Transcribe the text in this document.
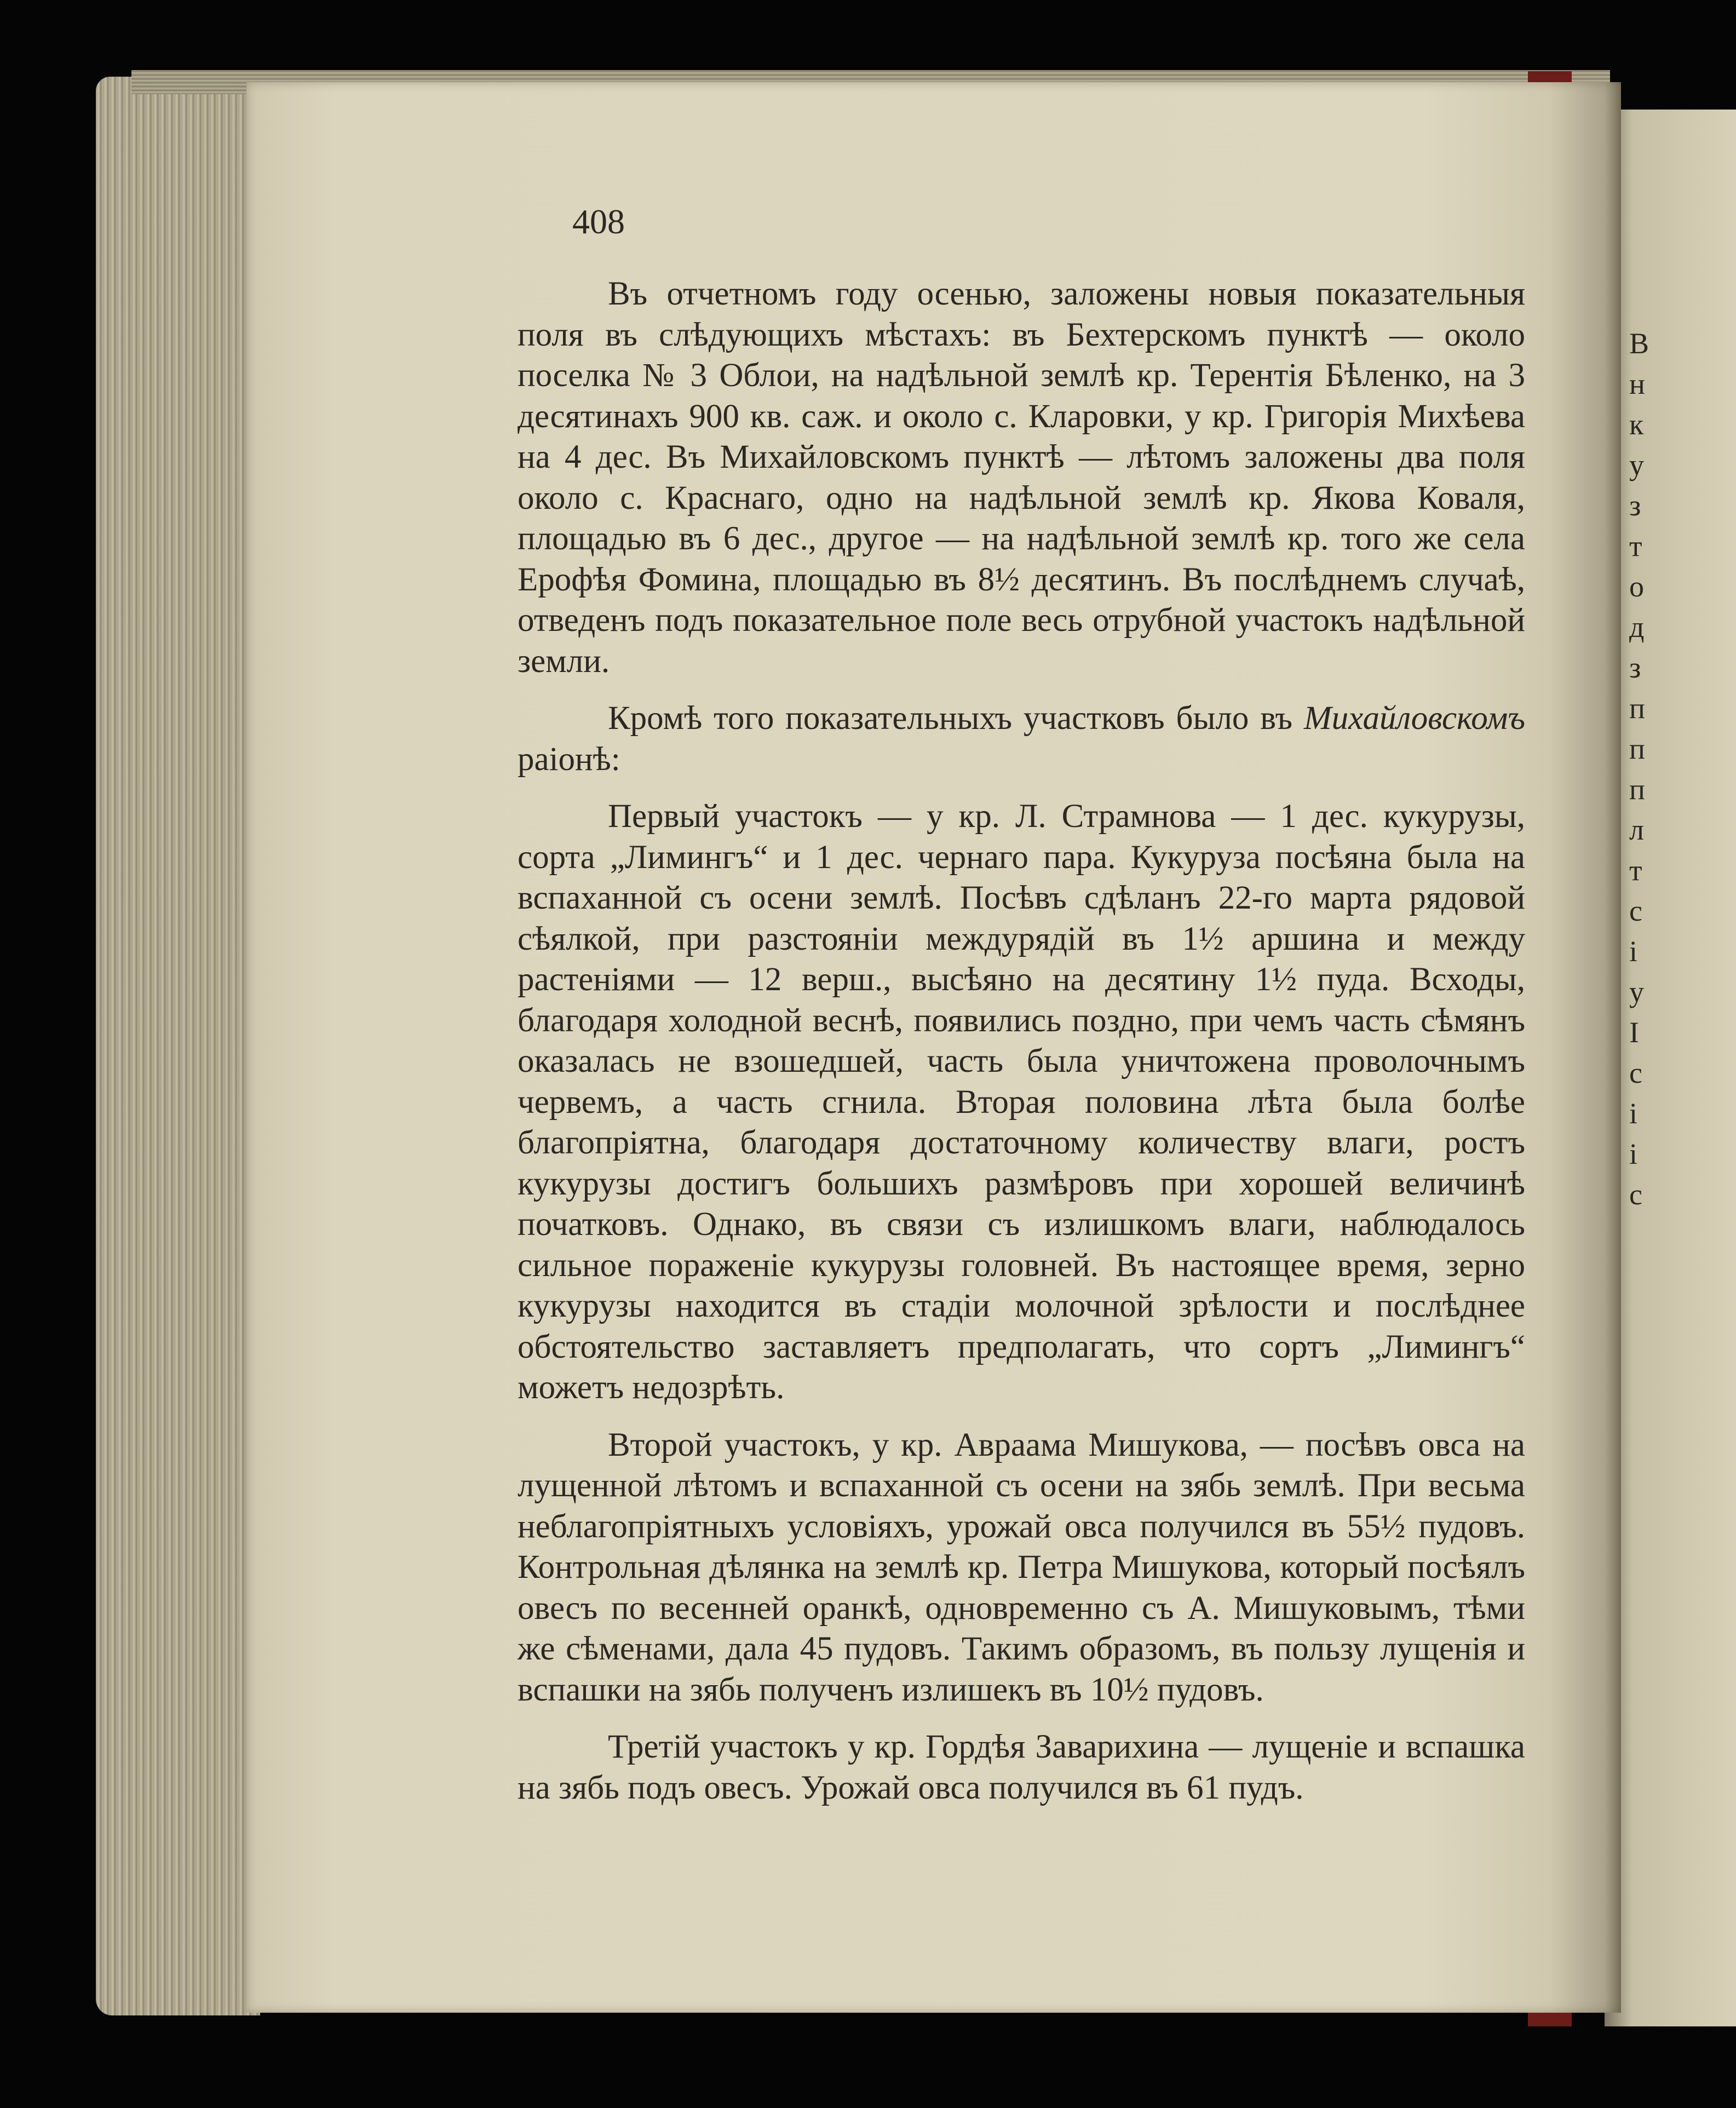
В
н
к
у
з
т
о
д
з
п
п
п
л
т
с
і
у
І
с
і
і
с
408

Въ отчетномъ году осенью, заложены новыя показательныя поля въ слѣдующихъ мѣстахъ: въ Бехтерскомъ пунктѣ — около поселка № 3 Облои, на надѣльной землѣ кр. Терентія Бѣленко, на 3 десятинахъ 900 кв. саж. и около с. Кларовки, у кр. Григорія Михѣева на 4 дес. Въ Михайловскомъ пунктѣ — лѣтомъ заложены два поля около с. Краснаго, одно на надѣльной землѣ кр. Якова Коваля, площадью въ 6 дес., другое — на надѣльной землѣ кр. того же села Ерофѣя Фомина, площадью въ 8½ десятинъ. Въ послѣднемъ случаѣ, отведенъ подъ показательное поле весь отрубной участокъ надѣльной земли.

Кромѣ того показательныхъ участковъ было въ Михайловскомъ раіонѣ:

Первый участокъ — у кр. Л. Страмнова — 1 дес. кукурузы, сорта „Лимингъ“ и 1 дес. чернаго пара. Кукуруза посѣяна была на вспаханной съ осени землѣ. Посѣвъ сдѣланъ 22-го марта рядовой сѣялкой, при разстояніи междурядій въ 1½ аршина и между растеніями — 12 верш., высѣяно на десятину 1½ пуда. Всходы, благодаря холодной веснѣ, появились поздно, при чемъ часть сѣмянъ оказалась не взошедшей, часть была уничтожена проволочнымъ червемъ, а часть сгнила. Вторая половина лѣта была болѣе благопріятна, благодаря достаточному количеству влаги, ростъ кукурузы достигъ большихъ размѣровъ при хорошей величинѣ початковъ. Однако, въ связи съ излишкомъ влаги, наблюдалось сильное пораженіе кукурузы головней. Въ настоящее время, зерно кукурузы находится въ стадіи молочной зрѣлости и послѣднее обстоятельство заставляетъ предполагать, что сортъ „Лимингъ“ можетъ недозрѣть.

Второй участокъ, у кр. Авраама Мишукова, — посѣвъ овса на лущенной лѣтомъ и вспаханной съ осени на зябь землѣ. При весьма неблагопріятныхъ условіяхъ, урожай овса получился въ 55½ пудовъ. Контрольная дѣлянка на землѣ кр. Петра Мишукова, который посѣялъ овесъ по весенней оранкѣ, одновременно съ А. Мишуковымъ, тѣми же сѣменами, дала 45 пудовъ. Такимъ образомъ, въ пользу лущенія и вспашки на зябь полученъ излишекъ въ 10½ пудовъ.

Третій участокъ у кр. Гордѣя Заварихина — лущеніе и вспашка на зябь подъ овесъ. Урожай овса получился въ 61 пудъ.
